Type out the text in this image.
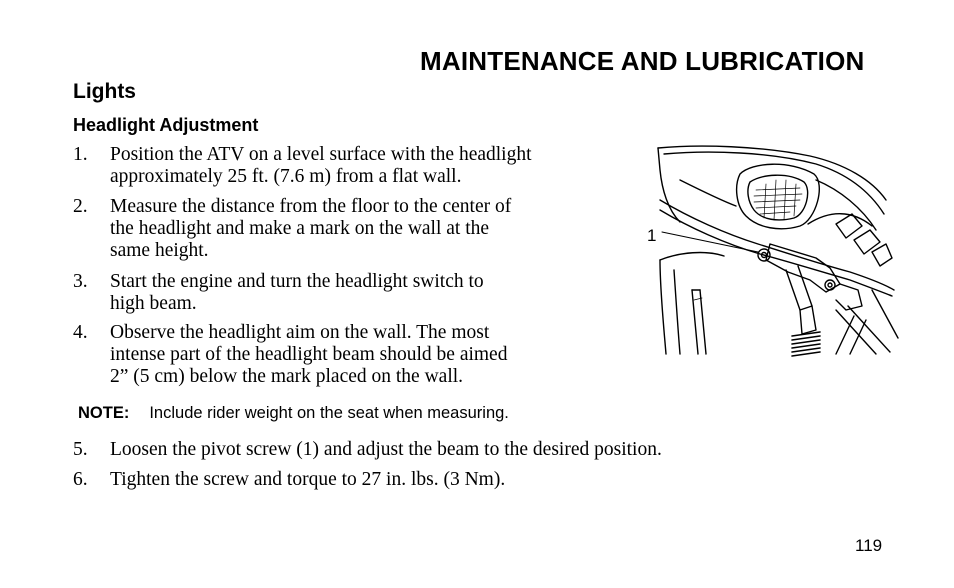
MAINTENANCE AND LUBRICATION
Lights
Headlight Adjustment
1. Position the ATV on a level surface with the headlight
approximately 25 ft. (7.6 m) from a flat wall.
2. Measure the distance from the floor to the center of
the headlight and make a mark on the wall at the
same height.
3. Start the engine and turn the headlight switch to
high beam.
4. Observe the headlight aim on the wall. The most
intense part of the headlight beam should be aimed
2” (5 cm) below the mark placed on the wall.
NOTE: Include rider weight on the seat when measuring.
5. Loosen the pivot screw (1) and adjust the beam to the desired position.
6. Tighten the screw and torque to 27 in. lbs. (3 Nm).
1
119
